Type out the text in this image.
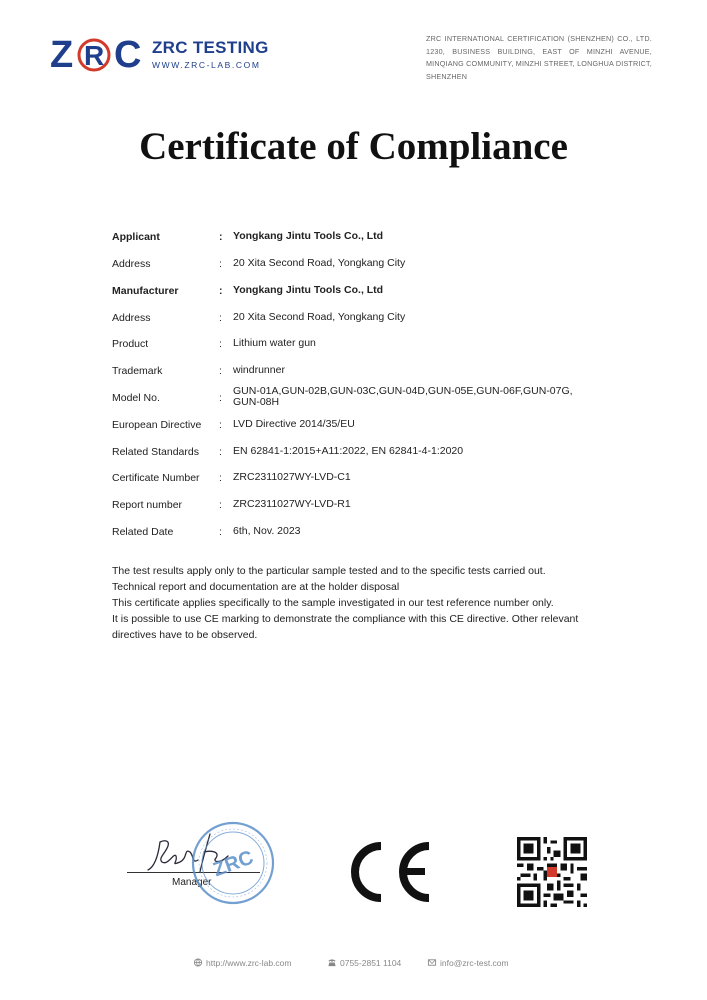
Z R C ZRC TESTING
WWW.ZRC-LAB.COM
ZRC INTERNATIONAL CERTIFICATION (SHENZHEN) CO., LTD. 1230, BUSINESS BUILDING, EAST OF MINZHI AVENUE, MINQIANG COMMUNITY, MINZHI STREET, LONGHUA DISTRICT, SHENZHEN
Certificate of Compliance
Applicant	: Yongkang Jintu Tools Co., Ltd
Address	: 20 Xita Second Road, Yongkang City
Manufacturer	: Yongkang Jintu Tools Co., Ltd
Address	: 20 Xita Second Road, Yongkang City
Product	: Lithium water gun
Trademark	: windrunner
Model No.	:
GUN-01A,GUN-02B,GUN-03C,GUN-04D,GUN-05E,GUN-06F,GUN-07G, GUN-08H
European Directive : LVD Directive 2014/35/EU
Related Standards : EN 62841-1:2015+A11:2022, EN 62841-4-1:2020
Certificate Number : ZRC2311027WY-LVD-C1
Report number	: ZRC2311027WY-LVD-R1
Related Date	: 6th, Nov. 2023
The test results apply only to the particular sample tested and to the specific tests carried out.
Technical report and documentation are at the holder disposal
This certificate applies specifically to the sample investigated in our test reference number only.
It is possible to use CE marking to demonstrate the compliance with this CE directive. Other relevant directives have to be observed.
Manager
ZRC
http://www.zrc-lab.com	0755-2851 1104	info@zrc-test.com
